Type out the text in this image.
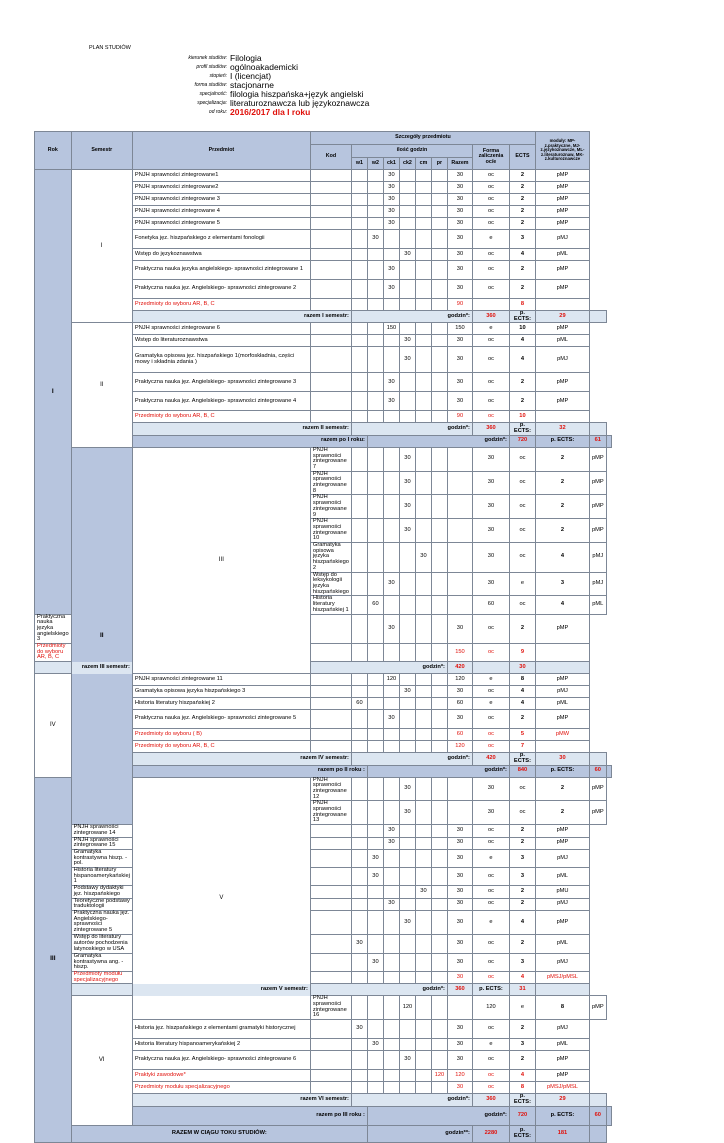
PLAN STUDIÓW
kierunek studiów: Filologia
profil studiów: ogólnoakademicki
stopień: I (licencjat)
forma studiów: stacjonarne
specjalność: filologia hiszpańska+język angielski
specjalizacja: literaturoznawcza lub językoznawcza
od roku: 2016/2017 dla I roku
Rok	Semestr	Przedmiot	Szczegóły przedmiotu										moduły: MP-z.praktyczne, MJ-z.językoznawcze, ML-z.literaturoznaw, MK-z.kulturoznawcze		
			Kod	ilość godzin							Forma zaliczenia oc/e	ECTS			
				w1	w2	ck1	ck2	cm	pr	Razem					
I	I	PNJH sprawności zintegrowane1				30				30	oc	2	pMP		
		PNJH sprawności zintegrowane2				30				30	oc	2	pMP		
		PNJH sprawności zintegrowane 3				30				30	oc	2	pMP		
		PNJH sprawności zintegrowane 4				30				30	oc	2	pMP		
		PNJH sprawności zintegrowane 5				30				30	oc	2	pMP		
		Fonetyka jęz. hiszpańskiego z elementami fonologii			30					30	e	3	pMJ		
		Wstęp do językoznawstwa					30			30	oc	4	pML		
		Praktyczna nauka języka angielskiego- sprawności zintegrowane 1				30				30	oc	2	pMP		
		Praktyczna nauka jęz. Angielskiego- sprawności zintegrowane 2				30				30	oc	2	pMP		
		Przedmioty do wyboru AR, B, C								90		8			
		razem I semestr:		godzin*:							360	p. ECTS:	29		
	II	PNJH sprawności zintegrowane 6				150				150	e	10	pMP		
		Wstęp do literaturoznawstwa					30			30	oc	4	pML		
		Gramatyka opisowa jęz. hiszpańskiego 1(morfoskładnia, części mowy i składnia zdania )					30			30	oc	4	pMJ		
		Praktyczna nauka jęz. Angielskiego- sprawności zintegrowane 3				30				30	oc	2	pMP		
		Praktyczna nauka jęz. Angielskiego- sprawności zintegrowane 4				30				30	oc	2	pMP		
		Przedmioty do wyboru AR, B, C								90	oc	10			
		razem II semestr:		godzin*:							360	p. ECTS:	32		
		razem po I roku:			godzin*:							720	p. ECTS:	61	
	II	III	PNJH sprawności zintegrowane 7				30				30	oc	2	pMP	
			PNJH sprawności zintegrowane 8				30				30	oc	2	pMP	
			PNJH sprawności zintegrowane 9				30				30	oc	2	pMP	
			PNJH sprawności zintegrowane 10				30				30	oc	2	pMP	
			Gramatyka opisowa języka hiszpańskiego 2					30			30	oc	4	pMJ	
			Wstęp do leksykologii języka hiszpańskiego			30					30	e	3	pMJ	
			Historia literatury hiszpańskiej 1		60						60	oc	4	pML	
Praktyczna nauka języka angielskiego 3						30				30	oc	2	pMP		
Przedmioty do wyboru AR, B, C										150	oc	9			
razem III semestr:			godzin*:							420		30			
IV		PNJH sprawności zintegrowane 11				120				120	e	8	pMP		
		Gramatyka opisowa języka hiszpańskiego 3					30			30	oc	4	pMJ		
		Historia literatury hiszpańskiej 2		60						60	e	4	pML		
		Praktyczna nauka jęz. Angielskiego- sprawności zintegrowane 5				30				30	oc	2	pMP		
		Przedmioty do wyboru ( B)								60	oc	5	pMW		
		Przedmioty do wyboru AR, B, C								120	oc	7			
		razem IV semestr:		godzin*:							420	p. ECTS:	30		
		razem po II roku :			godzin*:							840	p. ECTS:	60	
III		V	PNJH sprawności zintegrowane 12				30				30	oc	2	pMP	
			PNJH sprawności zintegrowane 13				30				30	oc	2	pMP	
	PNJH sprawności zintegrowane 14					30				30	oc	2	pMP		
	PNJH sprawności zintegrowane 15					30				30	oc	2	pMP		
	Gramatyka kontrastywna hiszp. - pol.				30					30	e	3	pMJ		
	Historia literatury hispanoamerykańskiej 1				30					30	oc	3	pML		
	Podstawy dydaktyki jęz. hiszpańskiego							30		30	oc	2	pMU		
	Teoretyczne podstawy traduktologii					30				30	oc	2	pMJ		
	Praktyczna nauka jęz. Angielskiego- sprawności zintegrowane 5						30			30	e	4	pMP		
	Wstęp do literatury autorów pochodzenia latynoskiego w USA			30						30	oc	2	pML		
	Gramatyka kontrastywna ang. - hiszp.				30					30	oc	3	pMJ		
	Przedmioty modułu specjalizacyjnego									30	oc	4	pMSJ/pMSL		
	razem V semestr:		godzin*:							360	p. ECTS:	31			
	VI		PNJH sprawności zintegrowane 16				120				120	e	8	pMP	
		Historia jęz. hiszpańskiego z elementami gramatyki historycznej		30						30	oc	2	pMJ		
		Historia literatury hispanoamerykańskiej 2			30					30	e	3	pML		
		Praktyczna nauka jęz. Angielskiego- sprawności zintegrowane 6					30			30	oc	2	pMP		
		Praktyki zawodowe*							120	120	oc	4	pMP		
		Przedmioty modułu specjalizacyjnego								30	oc	8	pMSJ/pMSL		
		razem VI semestr:		godzin*:							360	p. ECTS:	29		
		razem po III roku :			godzin*:							720	p. ECTS:	60	
	RAZEM W CIĄGU TOKU STUDIÓW:				godzin**:						2280	p. ECTS:	181		
